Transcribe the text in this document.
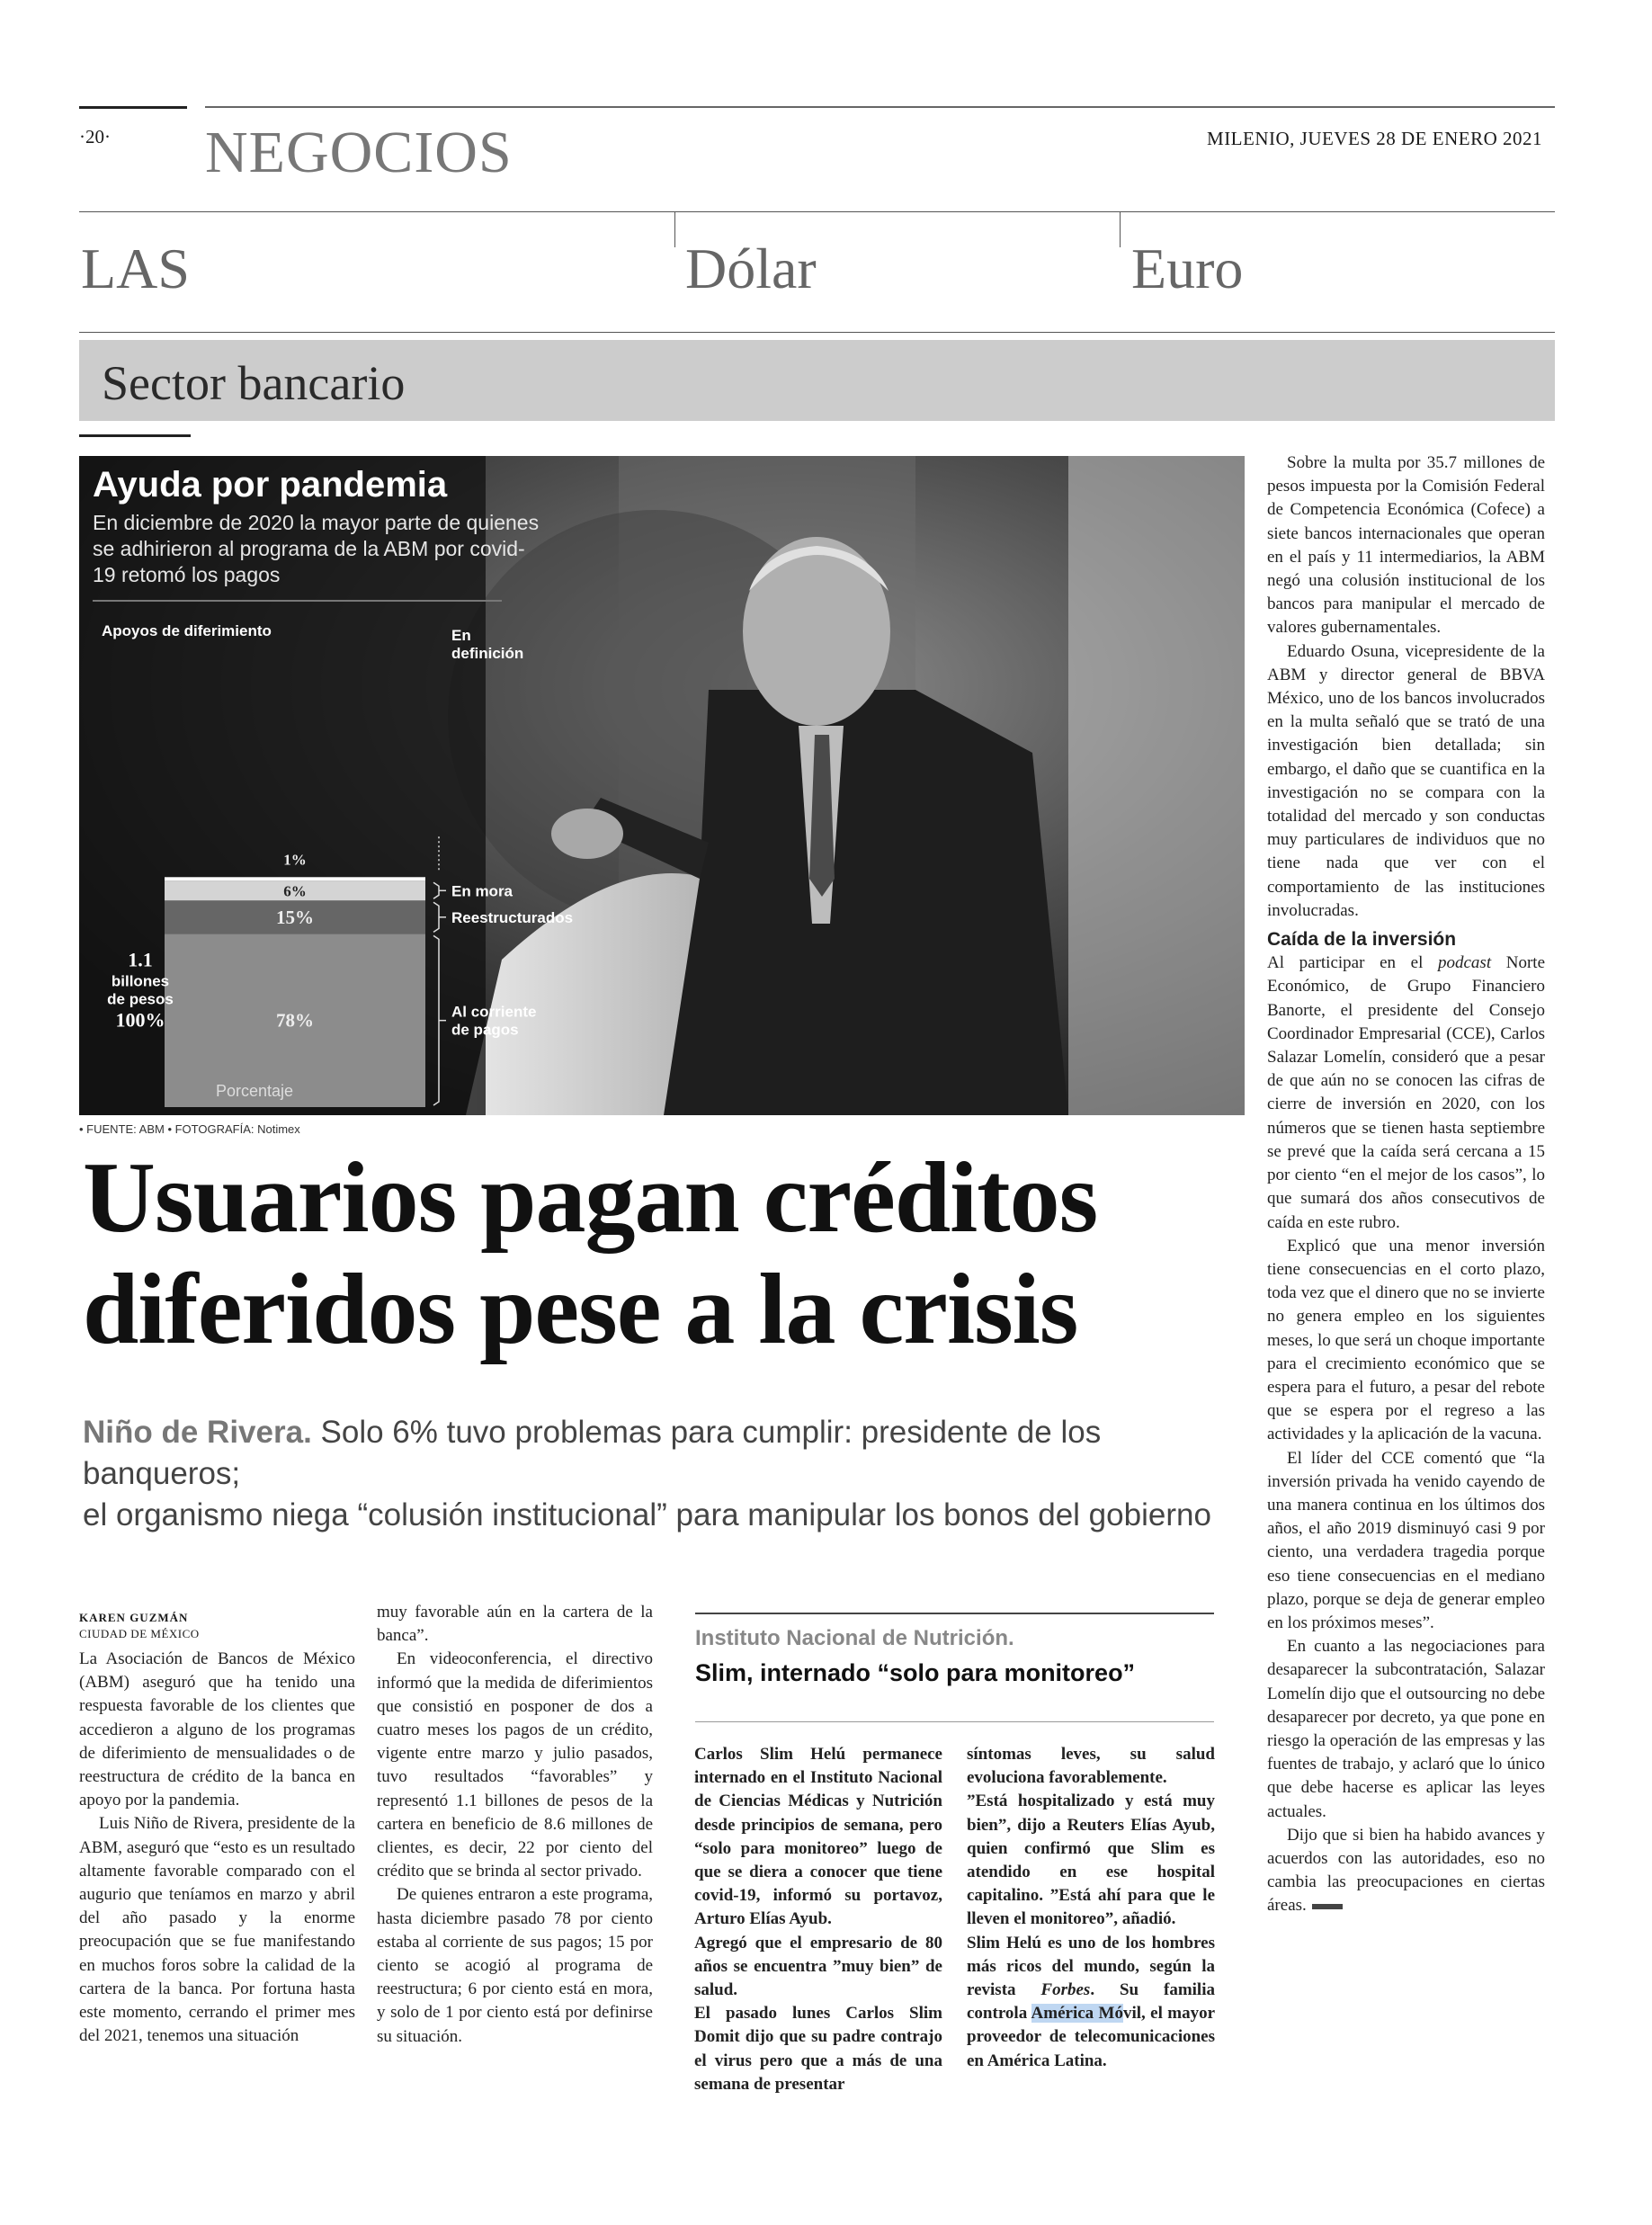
·20· NEGOCIOS	MILENIO, JUEVES 28 DE ENERO 2021
LAS	Dólar	Euro
Sector bancario
Ayuda por pandemia
En diciembre de 2020 la mayor parte de quienes se adhirieron al programa de la ABM por covid-19 retomó los pagos
Apoyos de diferimiento
78%
15%
6%
1%
Al corriente
de pagos
Reestructurados
En mora
En
definición
1.1
billones
de pesos
100%
Porcentaje
• FUENTE: ABM • FOTOGRAFÍA: Notimex
Usuarios pagan créditos
diferidos pese a la crisis
Niño de Rivera. Solo 6% tuvo problemas para cumplir: presidente de los banqueros;
el organismo niega “colusión institucional” para manipular los bonos del gobierno
KAREN GUZMÁN
CIUDAD DE MÉXICO

La Asociación de Bancos de México (ABM) aseguró que ha tenido una respuesta favorable de los clientes que accedieron a alguno de los programas de diferimiento de mensualidades o de reestructura de crédito de la banca en apoyo por la pandemia.

Luis Niño de Rivera, presidente de la ABM, aseguró que “esto es un resultado altamente favorable comparado con el augurio que teníamos en marzo y abril del año pasado y la enorme preocupación que se fue manifestando en muchos foros sobre la calidad de la cartera de la banca. Por fortuna hasta este momento, cerrando el primer mes del 2021, tenemos una situación

muy favorable aún en la cartera de la banca”.

En videoconferencia, el directivo informó que la medida de diferimientos que consistió en posponer de dos a cuatro meses los pagos de un crédito, vigente entre marzo y julio pasados, tuvo resultados “favorables” y representó 1.1 billones de pesos de la cartera en beneficio de 8.6 millones de clientes, es decir, 22 por ciento del crédito que se brinda al sector privado.

De quienes entraron a este programa, hasta diciembre pasado 78 por ciento estaba al corriente de sus pagos; 15 por ciento se acogió al programa de reestructura; 6 por ciento está en mora, y solo de 1 por ciento está por definirse su situación.

Instituto Nacional de Nutrición.
Slim, internado “solo para monitoreo”

Carlos Slim Helú permanece internado en el Instituto Nacional de Ciencias Médicas y Nutrición desde principios de semana, pero “solo para monitoreo” luego de que se diera a conocer que tiene covid-19, informó su portavoz, Arturo Elías Ayub.

Agregó que el empresario de 80 años se encuentra ”muy bien” de salud.

El pasado lunes Carlos Slim Domit dijo que su padre contrajo el virus pero que a más de una semana de presentar

síntomas leves, su salud evoluciona favorablemente.

”Está hospitalizado y está muy bien”, dijo a Reuters Elías Ayub, quien confirmó que Slim es atendido en ese hospital capitalino. ”Está ahí para que le lleven el monitoreo”, añadió.

Slim Helú es uno de los hombres más ricos del mundo, según la revista Forbes. Su familia controla América Móvil, el mayor proveedor de telecomunicaciones en América Latina.

Sobre la multa por 35.7 millones de pesos impuesta por la Comisión Federal de Competencia Económica (Cofece) a siete bancos internacionales que operan en el país y 11 intermediarios, la ABM negó una colusión institucional de los bancos para manipular el mercado de valores gubernamentales.

Eduardo Osuna, vicepresidente de la ABM y director general de BBVA México, uno de los bancos involucrados en la multa señaló que se trató de una investigación bien detallada; sin embargo, el daño que se cuantifica en la investigación no se compara con la totalidad del mercado y son conductas muy particulares de individuos que no tiene nada que ver con el comportamiento de las instituciones involucradas.

Caída de la inversión

Al participar en el podcast Norte Económico, de Grupo Financiero Banorte, el presidente del Consejo Coordinador Empresarial (CCE), Carlos Salazar Lomelín, consideró que a pesar de que aún no se conocen las cifras de cierre de inversión en 2020, con los números que se tienen hasta septiembre se prevé que la caída será cercana a 15 por ciento “en el mejor de los casos”, lo que sumará dos años consecutivos de caída en este rubro.

Explicó que una menor inversión tiene consecuencias en el corto plazo, toda vez que el dinero que no se invierte no genera empleo en los siguientes meses, lo que será un choque importante para el crecimiento económico que se espera para el futuro, a pesar del rebote que se espera por el regreso a las actividades y la aplicación de la vacuna.

El líder del CCE comentó que “la inversión privada ha venido cayendo de una manera continua en los últimos dos años, el año 2019 disminuyó casi 9 por ciento, una verdadera tragedia porque eso tiene consecuencias en el mediano plazo, porque se deja de generar empleo en los próximos meses”.

En cuanto a las negociaciones para desaparecer la subcontratación, Salazar Lomelín dijo que el outsourcing no debe desaparecer por decreto, ya que pone en riesgo la operación de las empresas y las fuentes de trabajo, y aclaró que lo único que debe hacerse es aplicar las leyes actuales.

Dijo que si bien ha habido avances y acuerdos con las autoridades, eso no cambia las preocupaciones en ciertas áreas.
